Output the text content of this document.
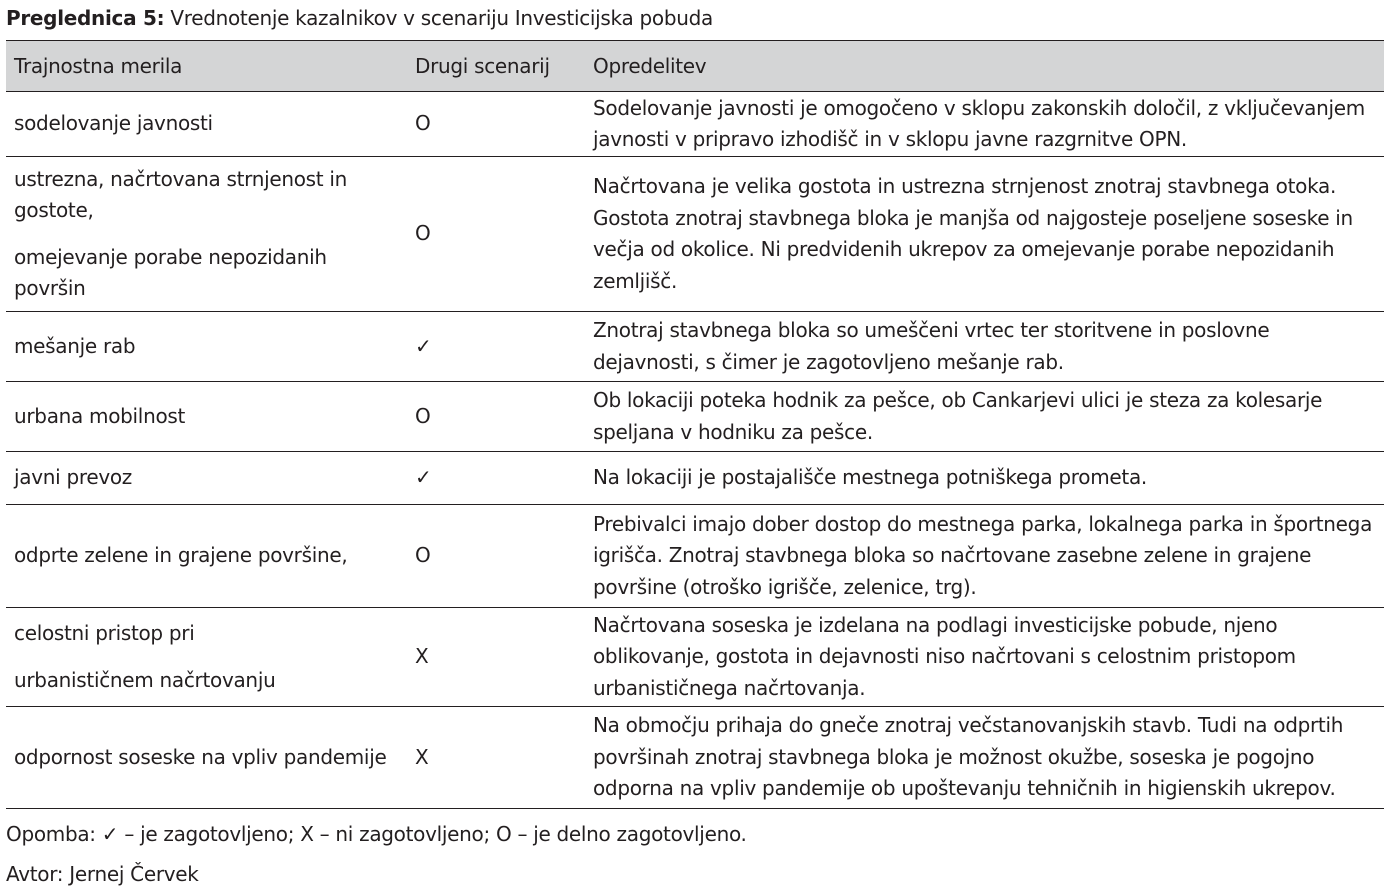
Preglednica 5: Vrednotenje kazalnikov v scenariju Investicijska pobuda
Trajnostna merila	Drugi scenarij	Opredelitev

sodelovanje javnosti	O	Sodelovanje javnosti je omogočeno v sklopu zakonskih določil, z vključevanjem javnosti v pripravo izhodišč in v sklopu javne razgrnitve OPN.

ustrezna, načrtovana strnjenost in gostote,
omejevanje porabe nepozidanih površin	O	Načrtovana je velika gostota in ustrezna strnjenost znotraj stavbnega otoka. Gostota znotraj stavbnega bloka je manjša od najgosteje poseljene soseske in večja od okolice. Ni predvidenih ukrepov za omejevanje porabe nepozidanih zemljišč.

mešanje rab	✓	Znotraj stavbnega bloka so umeščeni vrtec ter storitvene in poslovne dejavnosti, s čimer je zagotovljeno mešanje rab.

urbana mobilnost	O	Ob lokaciji poteka hodnik za pešce, ob Cankarjevi ulici je steza za kolesarje speljana v hodniku za pešce.

javni prevoz	✓	Na lokaciji je postajališče mestnega potniškega prometa.

odprte zelene in grajene površine,	O	Prebivalci imajo dober dostop do mestnega parka, lokalnega parka in športnega igrišča. Znotraj stavbnega bloka so načrtovane zasebne zelene in grajene površine (otroško igrišče, zelenice, trg).

celostni pristop pri
urbanističnem načrtovanju	X	Načrtovana soseska je izdelana na podlagi investicijske pobude, njeno oblikovanje, gostota in dejavnosti niso načrtovani s celostnim pristopom urbanističnega načrtovanja.

odpornost soseske na vpliv pandemije	X	Na območju prihaja do gneče znotraj večstanovanjskih stavb. Tudi na odprtih površinah znotraj stavbnega bloka je možnost okužbe, soseska je pogojno odporna na vpliv pandemije ob upoštevanju tehničnih in higienskih ukrepov.
Opomba: ✓ – je zagotovljeno; X – ni zagotovljeno; O – je delno zagotovljeno.
Avtor: Jernej Červek
